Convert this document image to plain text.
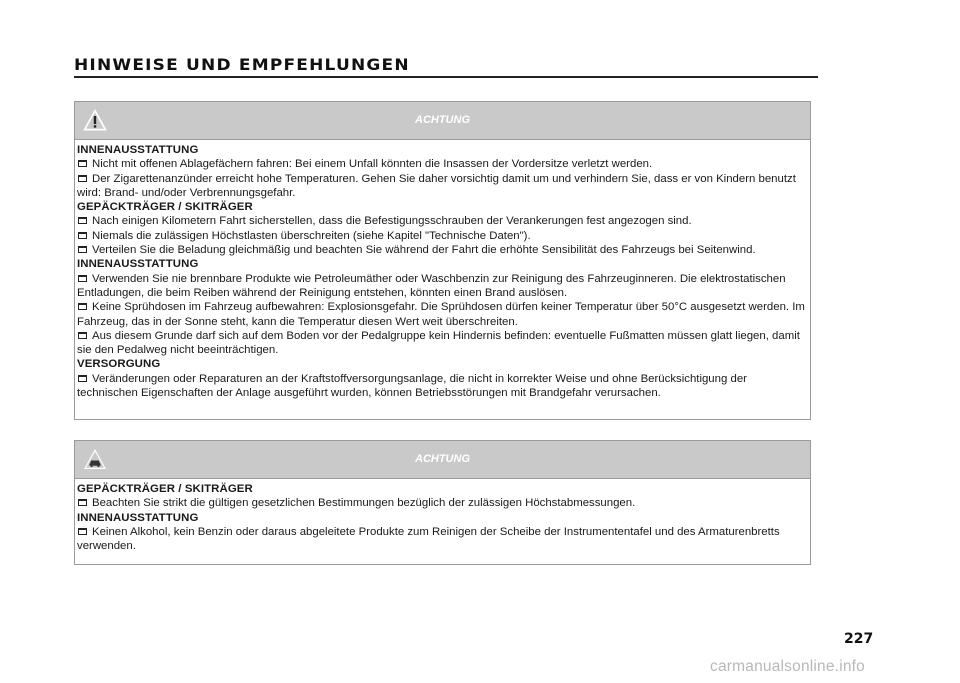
HINWEISE UND EMPFEHLUNGEN
ACHTUNG
INNENAUSSTATTUNG
Nicht mit offenen Ablagefächern fahren: Bei einem Unfall könnten die Insassen der Vordersitze verletzt werden.
Der Zigarettenanzünder erreicht hohe Temperaturen. Gehen Sie daher vorsichtig damit um und verhindern Sie, dass er von Kindern benutzt wird: Brand- und/oder Verbrennungsgefahr.
GEPÄCKTRÄGER / SKITRÄGER
Nach einigen Kilometern Fahrt sicherstellen, dass die Befestigungsschrauben der Verankerungen fest angezogen sind.
Niemals die zulässigen Höchstlasten überschreiten (siehe Kapitel "Technische Daten").
Verteilen Sie die Beladung gleichmäßig und beachten Sie während der Fahrt die erhöhte Sensibilität des Fahrzeugs bei Seitenwind.
INNENAUSSTATTUNG
Verwenden Sie nie brennbare Produkte wie Petroleumäther oder Waschbenzin zur Reinigung des Fahrzeuginneren. Die elektrostatischen Entladungen, die beim Reiben während der Reinigung entstehen, könnten einen Brand auslösen.
Keine Sprühdosen im Fahrzeug aufbewahren: Explosionsgefahr. Die Sprühdosen dürfen keiner Temperatur über 50°C ausgesetzt werden. Im Fahrzeug, das in der Sonne steht, kann die Temperatur diesen Wert weit überschreiten.
Aus diesem Grunde darf sich auf dem Boden vor der Pedalgruppe kein Hindernis befinden: eventuelle Fußmatten müssen glatt liegen, damit sie den Pedalweg nicht beeinträchtigen.
VERSORGUNG
Veränderungen oder Reparaturen an der Kraftstoffversorgungsanlage, die nicht in korrekter Weise und ohne Berücksichtigung der technischen Eigenschaften der Anlage ausgeführt wurden, können Betriebsstörungen mit Brandgefahr verursachen.
ACHTUNG
GEPÄCKTRÄGER / SKITRÄGER
Beachten Sie strikt die gültigen gesetzlichen Bestimmungen bezüglich der zulässigen Höchstabmessungen.
INNENAUSSTATTUNG
Keinen Alkohol, kein Benzin oder daraus abgeleitete Produkte zum Reinigen der Scheibe der Instrumententafel und des Armaturenbretts verwenden.
227
carmanualsonline.info
